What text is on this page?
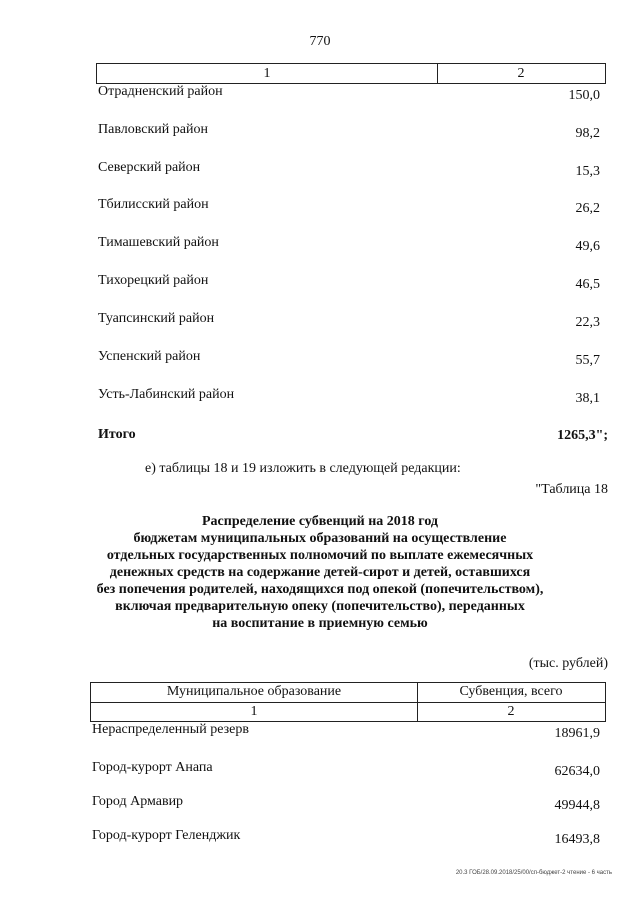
770
1	2
Отрадненский район	150,0
Павловский район	98,2
Северский район	15,3
Тбилисский район	26,2
Тимашевский район	49,6
Тихорецкий район	46,5
Туапсинский район	22,3
Успенский район	55,7
Усть-Лабинский район	38,1
Итого	1265,3";
е) таблицы 18 и 19 изложить в следующей редакции:
"Таблица 18
Распределение субвенций на 2018 год
бюджетам муниципальных образований на осуществление
отдельных государственных полномочий по выплате ежемесячных
денежных средств на содержание детей-сирот и детей, оставшихся
без попечения родителей, находящихся под опекой (попечительством),
включая предварительную опеку (попечительство), переданных
на воспитание в приемную семью
(тыс. рублей)
Муниципальное образование	Субвенция, всего
1	2
Нераспределенный резерв	18961,9
Город-курорт Анапа	62634,0
Город Армавир	49944,8
Город-курорт Геленджик	16493,8
20.3 ГОБ/28.09.2018/25/00/сп-бюджет-2 чтение - 6 часть
